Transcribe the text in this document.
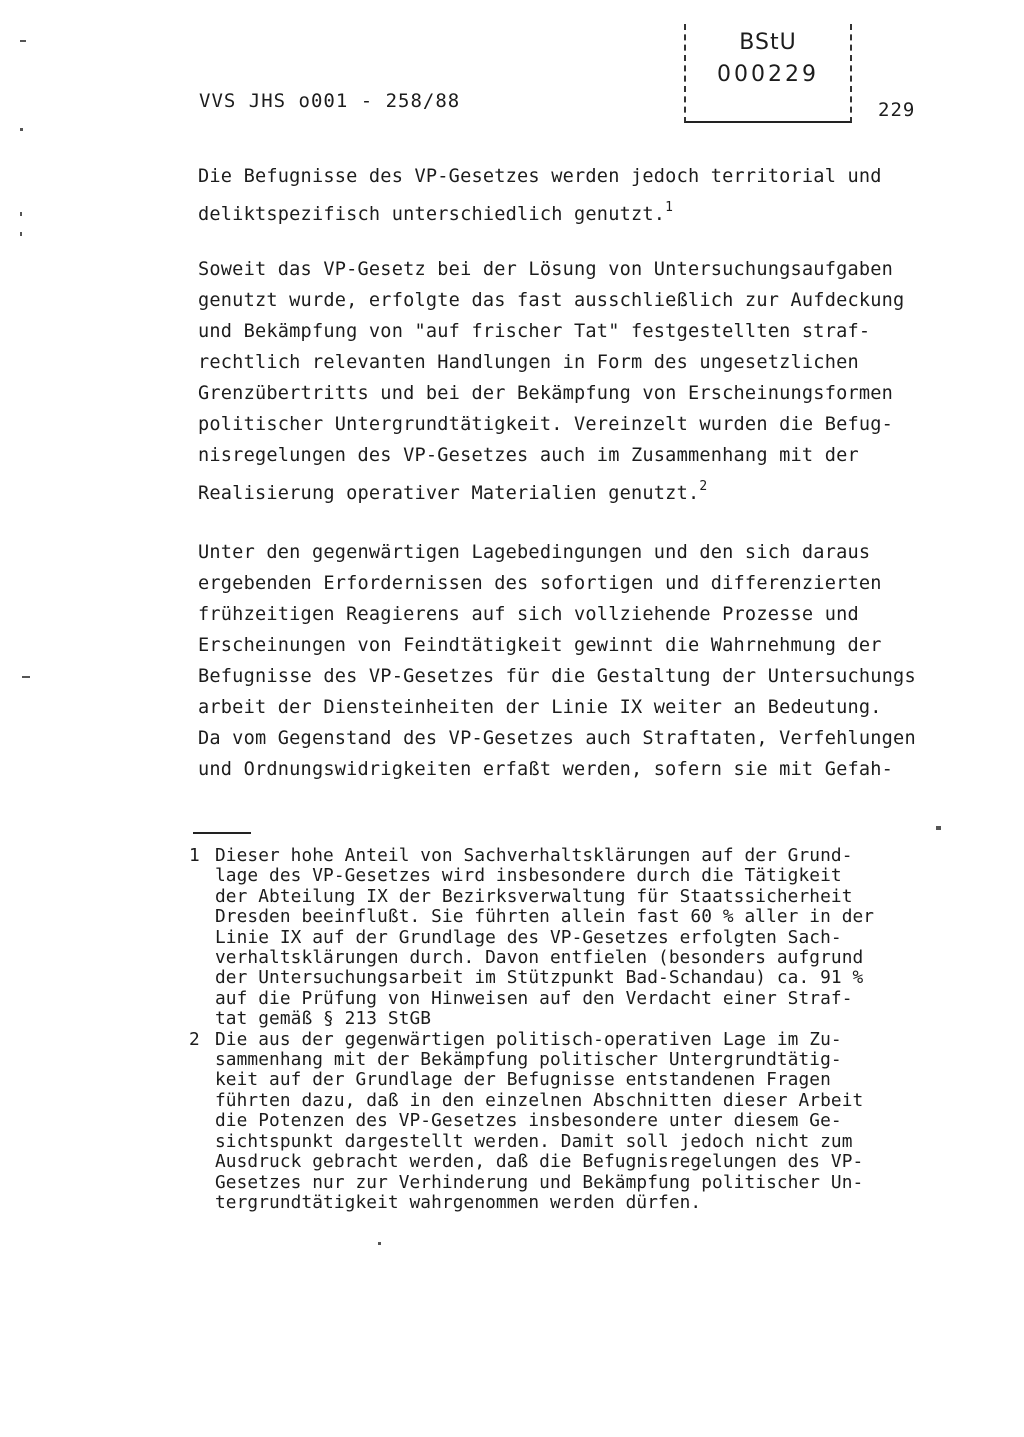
VVS JHS o001 - 258/88	229
BStU
000229
Die Befugnisse des VP-Gesetzes werden jedoch territorial und
deliktspezifisch unterschiedlich genutzt.$^1$
Soweit das VP-Gesetz bei der Lösung von Untersuchungsaufgaben
genutzt wurde, erfolgte das fast ausschließlich zur Aufdeckung
und Bekämpfung von "auf frischer Tat" festgestellten straf-
rechtlich relevanten Handlungen in Form des ungesetzlichen
Grenzübertritts und bei der Bekämpfung von Erscheinungsformen
politischer Untergrundtätigkeit. Vereinzelt wurden die Befug-
nisregelungen des VP-Gesetzes auch im Zusammenhang mit der
Realisierung operativer Materialien genutzt.$^2$
Unter den gegenwärtigen Lagebedingungen und den sich daraus
ergebenden Erfordernissen des sofortigen und differenzierten
frühzeitigen Reagierens auf sich vollziehende Prozesse und
Erscheinungen von Feindtätigkeit gewinnt die Wahrnehmung der
Befugnisse des VP-Gesetzes für die Gestaltung der Untersuchungs
arbeit der Diensteinheiten der Linie IX weiter an Bedeutung.
Da vom Gegenstand des VP-Gesetzes auch Straftaten, Verfehlungen
und Ordnungswidrigkeiten erfaßt werden, sofern sie mit Gefah-
1 Dieser hohe Anteil von Sachverhaltsklärungen auf der Grund-
lage des VP-Gesetzes wird insbesondere durch die Tätigkeit
der Abteilung IX der Bezirksverwaltung für Staatssicherheit
Dresden beeinflußt. Sie führten allein fast 60 % aller in der
Linie IX auf der Grundlage des VP-Gesetzes erfolgten Sach-
verhaltsklärungen durch. Davon entfielen (besonders aufgrund
der Untersuchungsarbeit im Stützpunkt Bad-Schandau) ca. 91 %
auf die Prüfung von Hinweisen auf den Verdacht einer Straf-
tat gemäß § 213 StGB
2 Die aus der gegenwärtigen politisch-operativen Lage im Zu-
sammenhang mit der Bekämpfung politischer Untergrundtätig-
keit auf der Grundlage der Befugnisse entstandenen Fragen
führten dazu, daß in den einzelnen Abschnitten dieser Arbeit
die Potenzen des VP-Gesetzes insbesondere unter diesem Ge-
sichtspunkt dargestellt werden. Damit soll jedoch nicht zum
Ausdruck gebracht werden, daß die Befugnisregelungen des VP-
Gesetzes nur zur Verhinderung und Bekämpfung politischer Un-
tergrundtätigkeit wahrgenommen werden dürfen.
